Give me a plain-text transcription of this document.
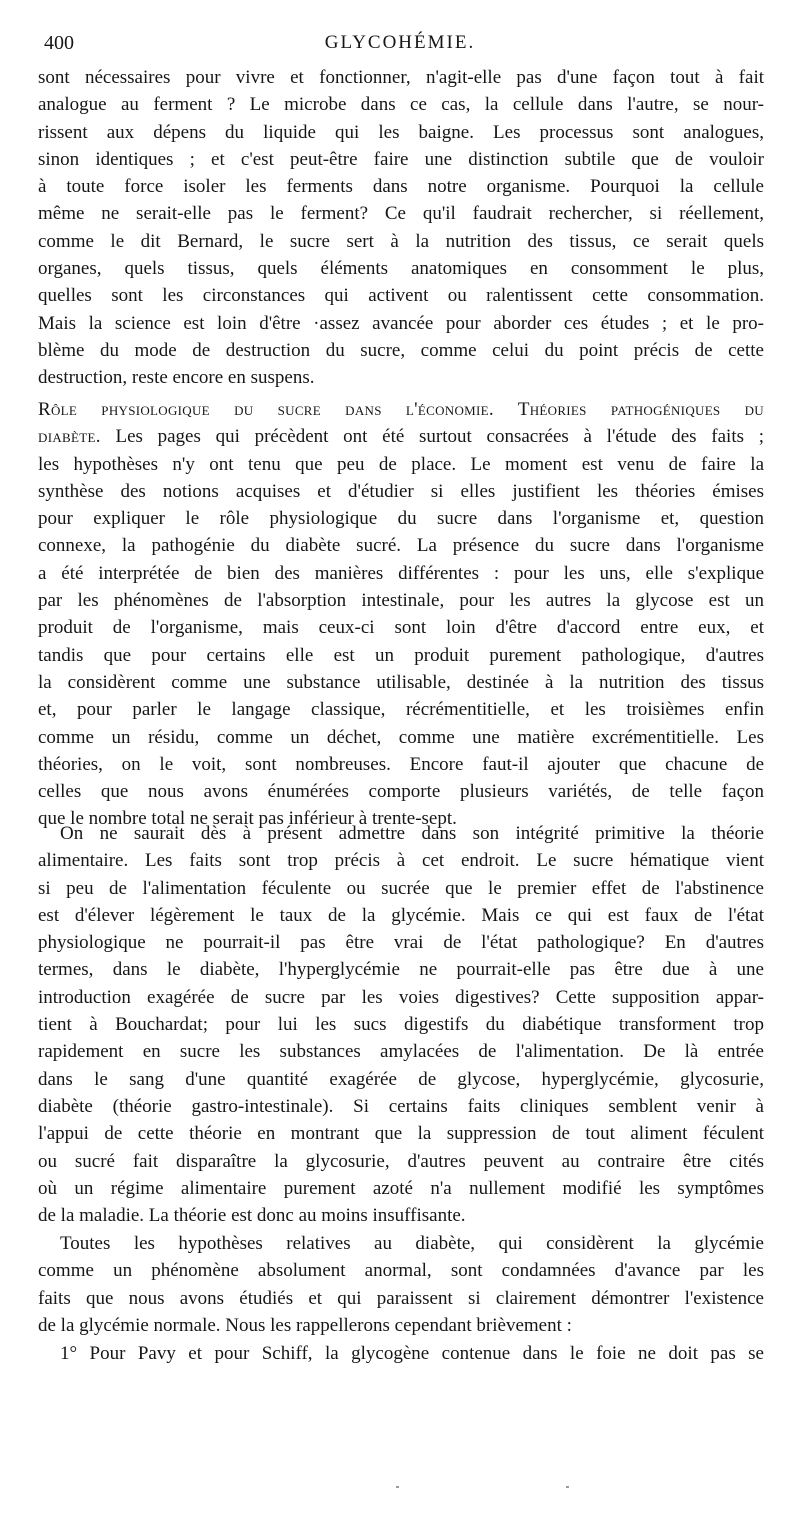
400	GLYCOHÉMIE.
sont nécessaires pour vivre et fonctionner, n'agit-elle pas d'une façon tout à fait
analogue au ferment ? Le microbe dans ce cas, la cellule dans l'autre, se nour-
rissent aux dépens du liquide qui les baigne. Les processus sont analogues,
sinon identiques ; et c'est peut-être faire une distinction subtile que de vouloir
à toute force isoler les ferments dans notre organisme. Pourquoi la cellule
même ne serait-elle pas le ferment? Ce qu'il faudrait rechercher, si réellement,
comme le dit Bernard, le sucre sert à la nutrition des tissus, ce serait quels
organes, quels tissus, quels éléments anatomiques en consomment le plus,
quelles sont les circonstances qui activent ou ralentissent cette consommation.
Mais la science est loin d'être ·assez avancée pour aborder ces études ; et le pro-
blème du mode de destruction du sucre, comme celui du point précis de cette
destruction, reste encore en suspens.
Rôle physiologique du sucre dans l'économie. Théories pathogéniques du
diabète. Les pages qui précèdent ont été surtout consacrées à l'étude des faits ;
les hypothèses n'y ont tenu que peu de place. Le moment est venu de faire la
synthèse des notions acquises et d'étudier si elles justifient les théories émises
pour expliquer le rôle physiologique du sucre dans l'organisme et, question
connexe, la pathogénie du diabète sucré. La présence du sucre dans l'organisme
a été interprétée de bien des manières différentes : pour les uns, elle s'explique
par les phénomènes de l'absorption intestinale, pour les autres la glycose est un
produit de l'organisme, mais ceux-ci sont loin d'être d'accord entre eux, et
tandis que pour certains elle est un produit purement pathologique, d'autres
la considèrent comme une substance utilisable, destinée à la nutrition des tissus
et, pour parler le langage classique, récrémentitielle, et les troisièmes enfin
comme un résidu, comme un déchet, comme une matière excrémentitielle. Les
théories, on le voit, sont nombreuses. Encore faut-il ajouter que chacune de
celles que nous avons énumérées comporte plusieurs variétés, de telle façon
que le nombre total ne serait pas inférieur à trente-sept.
On ne saurait dès à présent admettre dans son intégrité primitive la théorie
alimentaire. Les faits sont trop précis à cet endroit. Le sucre hématique vient
si peu de l'alimentation féculente ou sucrée que le premier effet de l'abstinence
est d'élever légèrement le taux de la glycémie. Mais ce qui est faux de l'état
physiologique ne pourrait-il pas être vrai de l'état pathologique? En d'autres
termes, dans le diabète, l'hyperglycémie ne pourrait-elle pas être due à une
introduction exagérée de sucre par les voies digestives? Cette supposition appar-
tient à Bouchardat; pour lui les sucs digestifs du diabétique transforment trop
rapidement en sucre les substances amylacées de l'alimentation. De là entrée
dans le sang d'une quantité exagérée de glycose, hyperglycémie, glycosurie,
diabète (théorie gastro-intestinale). Si certains faits cliniques semblent venir à
l'appui de cette théorie en montrant que la suppression de tout aliment féculent
ou sucré fait disparaître la glycosurie, d'autres peuvent au contraire être cités
où un régime alimentaire purement azoté n'a nullement modifié les symptômes
de la maladie. La théorie est donc au moins insuffisante.
Toutes les hypothèses relatives au diabète, qui considèrent la glycémie
comme un phénomène absolument anormal, sont condamnées d'avance par les
faits que nous avons étudiés et qui paraissent si clairement démontrer l'existence
de la glycémie normale. Nous les rappellerons cependant brièvement :
1° Pour Pavy et pour Schiff, la glycogène contenue dans le foie ne doit pas se
